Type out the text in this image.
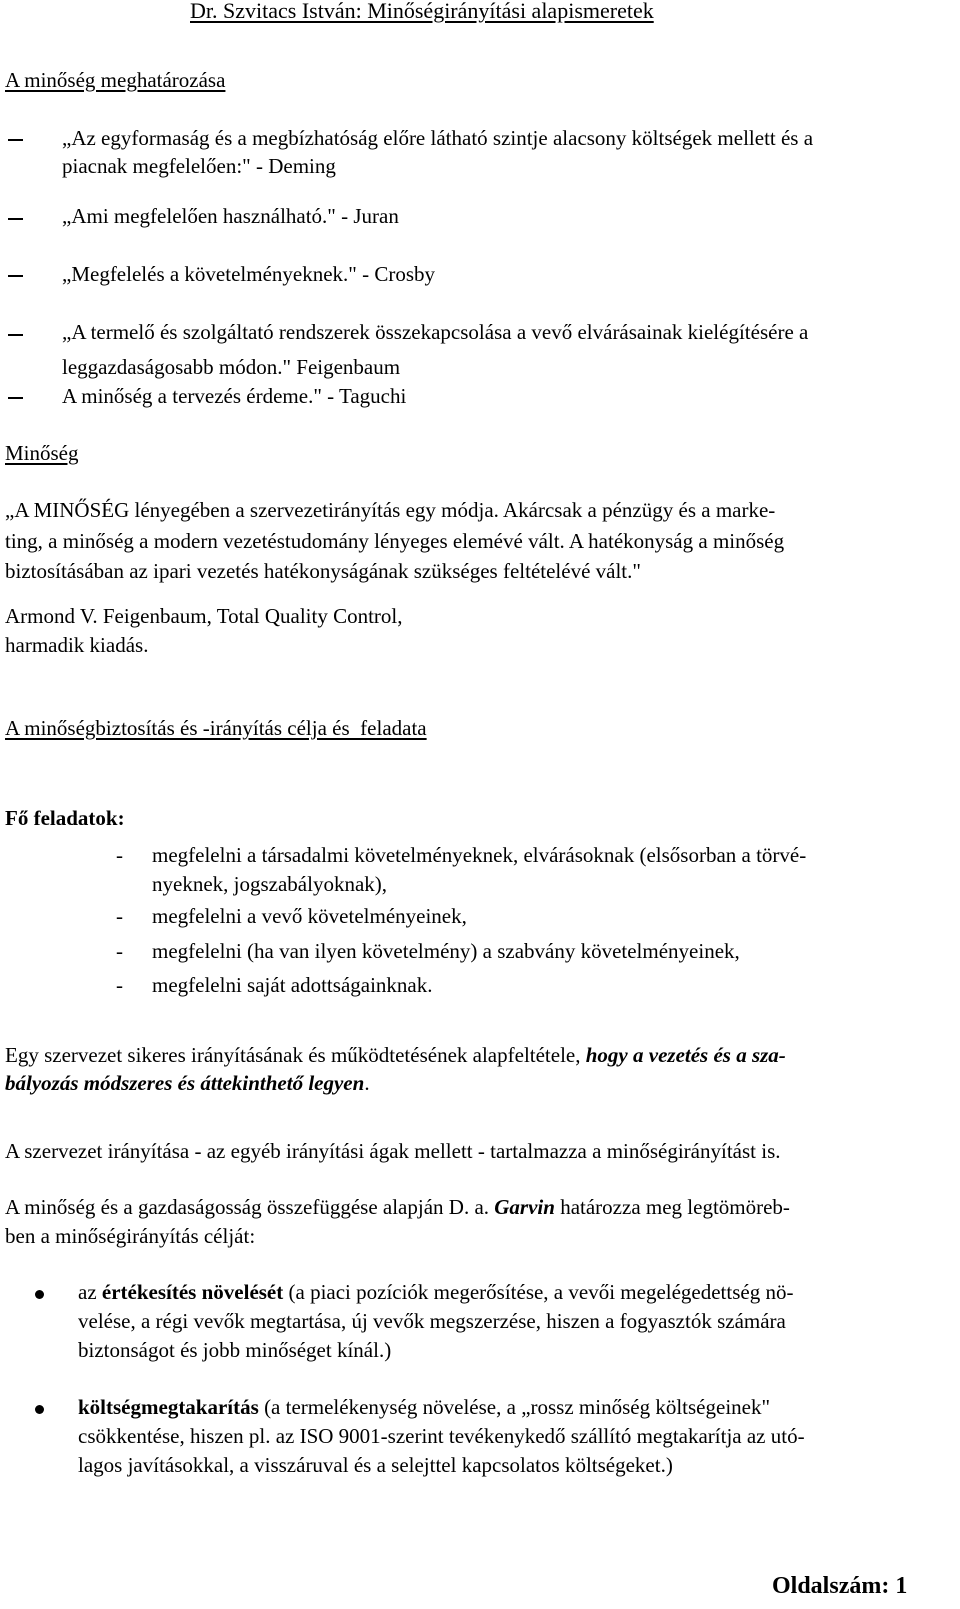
Dr. Szvitacs István: Minőségirányítási alapismeretek
A minőség meghatározása
„Az egyformaság és a megbízhatóság előre látható szintje alacsony költségek mellett és a
piacnak megfelelően:" - Deming
„Ami megfelelően használható." - Juran
„Megfelelés a követelményeknek." - Crosby
„A termelő és szolgáltató rendszerek összekapcsolása a vevő elvárásainak kielégítésére a
leggazdaságosabb módon." Feigenbaum
A minőség a tervezés érdeme." - Taguchi
Minőség
„A MINŐSÉG lényegében a szervezetirányítás egy módja. Akárcsak a pénzügy és a marke-
ting, a minőség a modern vezetéstudomány lényeges elemévé vált. A hatékonyság a minőség
biztosításában az ipari vezetés hatékonyságának szükséges feltételévé vált."
Armond V. Feigenbaum, Total Quality Control,
harmadik kiadás.
A minőségbiztosítás és -irányítás célja és  feladata
Fő feladatok:
- megfelelni a társadalmi követelményeknek, elvárásoknak (elsősorban a törvé-
nyeknek, jogszabályoknak),
- megfelelni a vevő követelményeinek,
- megfelelni (ha van ilyen követelmény) a szabvány követelményeinek,
- megfelelni saját adottságainknak.
Egy szervezet sikeres irányításának és működtetésének alapfeltétele, hogy a vezetés és a sza-
bályozás módszeres és áttekinthető legyen.
A szervezet irányítása - az egyéb irányítási ágak mellett - tartalmazza a minőségirányítást is.
A minőség és a gazdaságosság összefüggése alapján D. a. Garvin határozza meg legtömöreb-
ben a minőségirányítás célját:
az értékesítés növelését (a piaci pozíciók megerősítése, a vevői megelégedettség nö-
velése, a régi vevők megtartása, új vevők megszerzése, hiszen a fogyasztók számára
biztonságot és jobb minőséget kínál.)
költségmegtakarítás (a termelékenység növelése, a „rossz minőség költségeinek"
csökkentése, hiszen pl. az ISO 9001-szerint tevékenykedő szállító megtakarítja az utó-
lagos javításokkal, a visszáruval és a selejttel kapcsolatos költségeket.)
Oldalszám: 1
